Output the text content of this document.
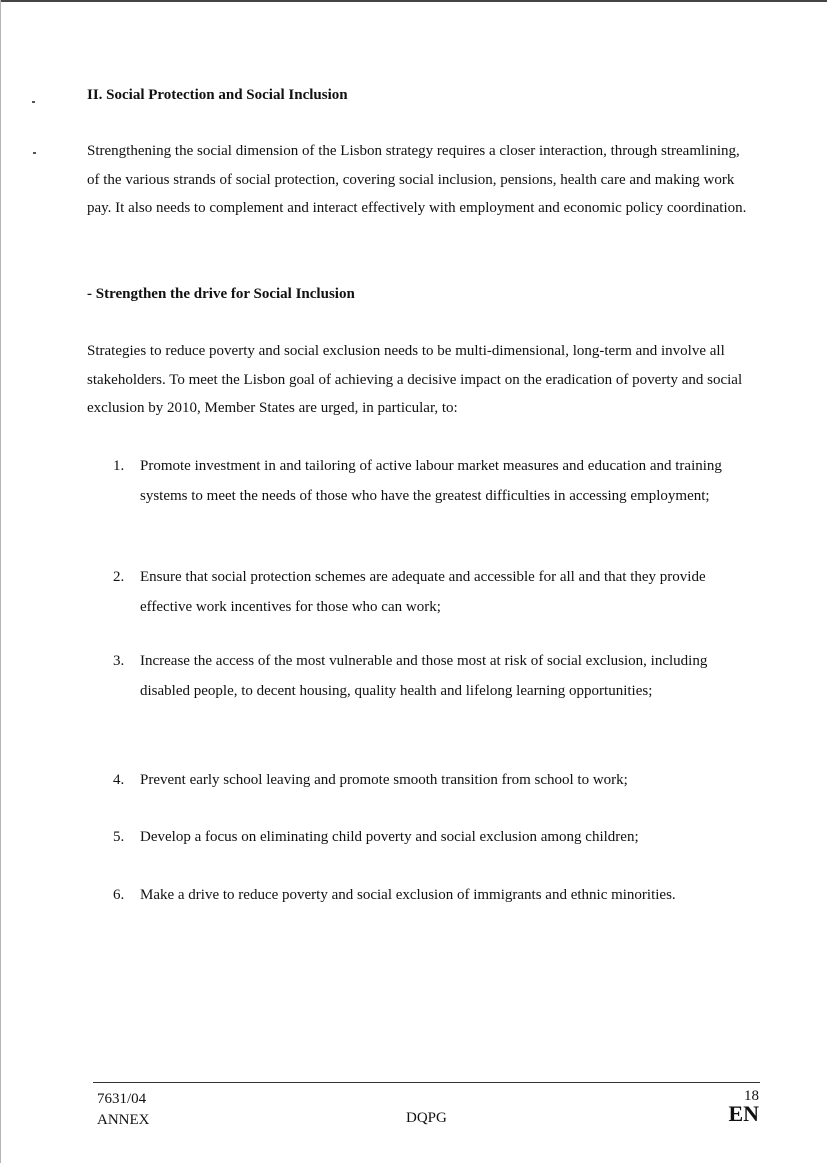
II. Social Protection and Social Inclusion
Strengthening the social dimension of the Lisbon strategy requires a closer interaction, through streamlining, of the various strands of social protection, covering social inclusion, pensions, health care and making work pay. It also needs to complement and interact effectively with employment and economic policy coordination.
- Strengthen the drive for Social Inclusion
Strategies to reduce poverty and social exclusion needs to be multi-dimensional, long-term and involve all stakeholders. To meet the Lisbon goal of achieving a decisive impact on the eradication of poverty and social exclusion by 2010, Member States are urged, in particular, to:
1.	Promote investment in and tailoring of active labour market measures and education and training systems to meet the needs of those who have the greatest difficulties in accessing employment;
2.	Ensure that social protection schemes are adequate and accessible for all and that they provide effective work incentives for those who can work;
3.	Increase the access of the most vulnerable and those most at risk of social exclusion, including disabled people, to decent housing, quality health and lifelong learning opportunities;
4.	Prevent early school leaving and promote smooth transition from school to work;
5.	Develop a focus on eliminating child poverty and social exclusion among children;
6.	Make a drive to reduce poverty and social exclusion of immigrants and ethnic minorities.
7631/04
ANNEX	DQPG
18
EN
